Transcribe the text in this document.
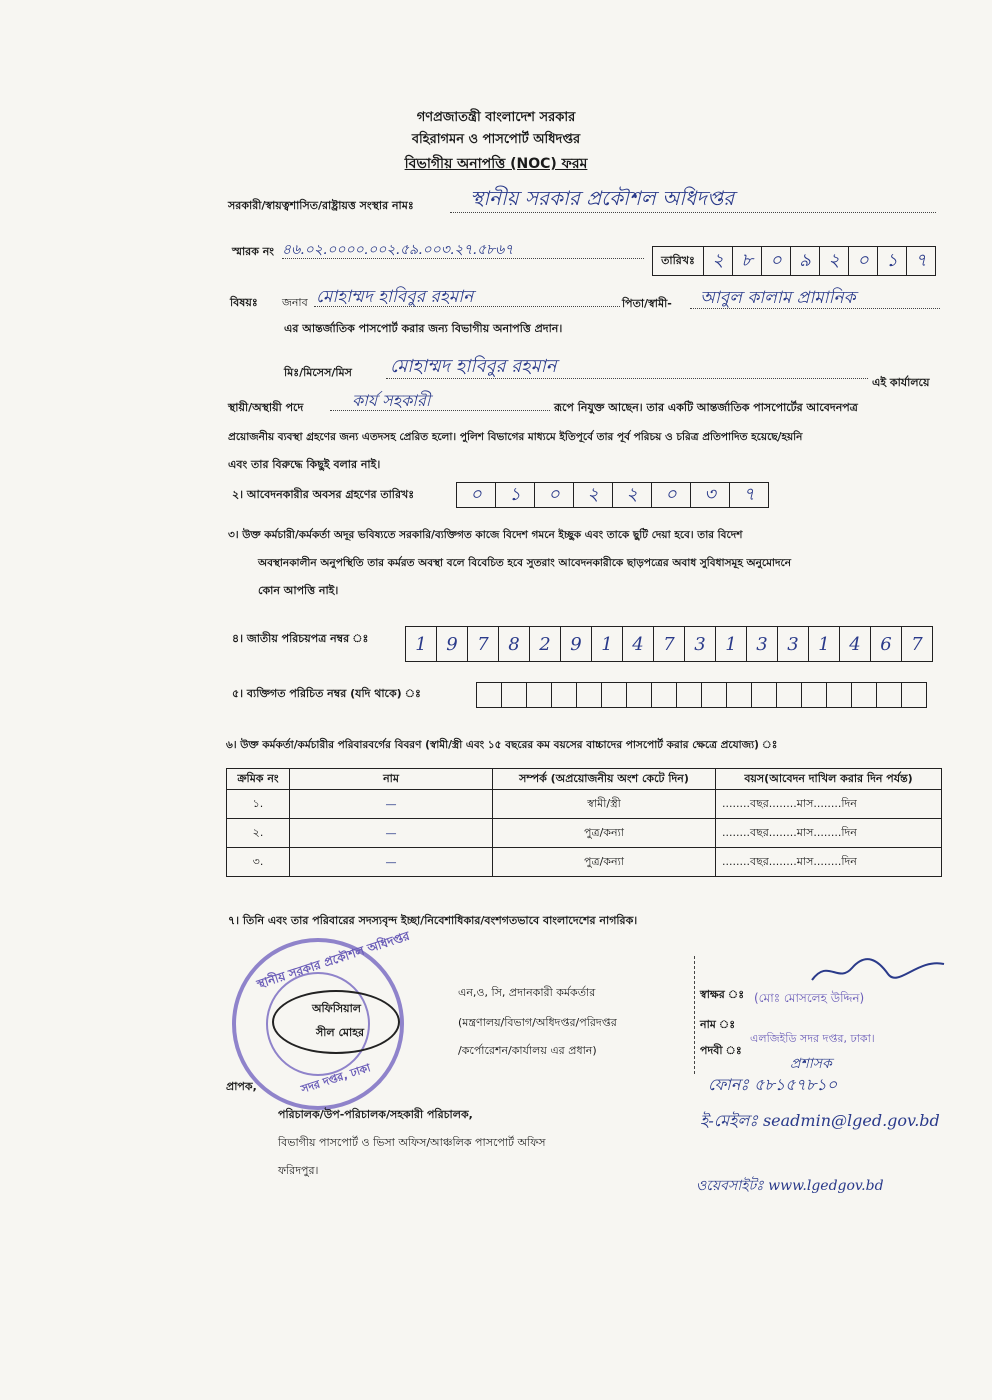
গণপ্রজাতন্ত্রী বাংলাদেশ সরকার
বহিরাগমন ও পাসপোর্ট অধিদপ্তর
বিভাগীয় অনাপত্তি (NOC) ফরম
সরকারী/স্বায়ত্বশাসিত/রাষ্ট্রায়ত্ত সংস্থার নামঃ	স্থানীয় সরকার প্রকৌশল অধিদপ্তর
স্মারক নং ৪৬.০২.০০০০.০০২.৫৯.০০৩.২৭.৫৮৬৭
তারিখঃ ২ ৮ ০ ৯ ২ ০ ১ ৭
বিষয়ঃ জনাব মোহাম্মদ হাবিবুর রহমান	পিতা/স্বামী- আবুল কালাম প্রামানিক
এর আন্তর্জাতিক পাসপোর্ট করার জন্য বিভাগীয় অনাপত্তি প্রদান।
মিঃ/মিসেস/মিস মোহাম্মদ হাবিবুর রহমান
এই কার্যালয়ে
স্থায়ী/অস্থায়ী পদে	কার্য সহকারী	রূপে নিযুক্ত আছেন। তার একটি আন্তর্জাতিক পাসপোর্টের আবেদনপত্র
প্রয়োজনীয় ব্যবস্থা গ্রহণের জন্য এতদসহ প্রেরিত হলো। পুলিশ বিভাগের মাধ্যমে ইতিপূর্বে তার পূর্ব পরিচয় ও চরিত্র প্রতিপাদিত হয়েছে/হয়নি
এবং তার বিরুদ্ধে কিছুই বলার নাই।
২। আবেদনকারীর অবসর গ্রহণের তারিখঃ	০	১	০	২	২	০	৩	৭
৩। উক্ত কর্মচারী/কর্মকর্তা অদূর ভবিষ্যতে সরকারি/ব্যক্তিগত কাজে বিদেশ গমনে ইচ্ছুক এবং তাকে ছুটি দেয়া হবে। তার বিদেশ
অবস্থানকালীন অনুপস্থিতি তার কর্মরত অবস্থা বলে বিবেচিত হবে সুতরাং আবেদনকারীকে ছাড়পত্রের অবাধ সুবিধাসমূহ অনুমোদনে
কোন আপত্তি নাই।
৪। জাতীয় পরিচয়পত্র নম্বর ঃ	1	9	7	8	2	9	1	4	7	3	1	3	3	1	4	6	7
৫। ব্যক্তিগত পরিচিত নম্বর (যদি থাকে) ঃ
৬। উক্ত কর্মকর্তা/কর্মচারীর পরিবারবর্গের বিবরণ (স্বামী/স্ত্রী এবং ১৫ বছরের কম বয়সের বাচ্চাদের পাসপোর্ট করার ক্ষেত্রে প্রযোজ্য) ঃ
ক্রমিক নং	নাম	সম্পর্ক (অপ্রয়োজনীয় অংশ কেটে দিন)	বয়স(আবেদন দাখিল করার দিন পর্যন্ত)
১.	—	স্বামী/স্ত্রী	........বছর........মাস........দিন
২.	—	পুত্র/কন্যা	........বছর........মাস........দিন
৩.	—	পুত্র/কন্যা	........বছর........মাস........দিন
৭। তিনি এবং তার পরিবারের সদস্যবৃন্দ ইচ্ছা/নিবেশাধিকার/বংশগতভাবে বাংলাদেশের নাগরিক।
স্থানীয় সরকার প্রকৌশল অধিদপ্তর
সদর দপ্তর, ঢাকা
অফিসিয়াল
সীল মোহর
এন,ও, সি, প্রদানকারী কর্মকর্তার
(মন্ত্রণালয়/বিভাগ/অধিদপ্তর/পরিদপ্তর
/কর্পোরেশন/কার্যালয় এর প্রধান)
স্বাক্ষর ঃ (মোঃ মোসলেহ উদ্দিন)
নাম ঃ
এলজিইডি সদর দপ্তর, ঢাকা।
পদবী ঃ
প্রশাসক
ফোনঃ ৫৮১৫৭৮১০
ই-মেইলঃ seadmin@lged.gov.bd
ওয়েবসাইটঃ www.lgedgov.bd
প্রাপক,
পরিচালক/উপ-পরিচালক/সহকারী পরিচালক,
বিভাগীয় পাসপোর্ট ও ভিসা অফিস/আঞ্চলিক পাসপোর্ট অফিস
ফরিদপুর।
